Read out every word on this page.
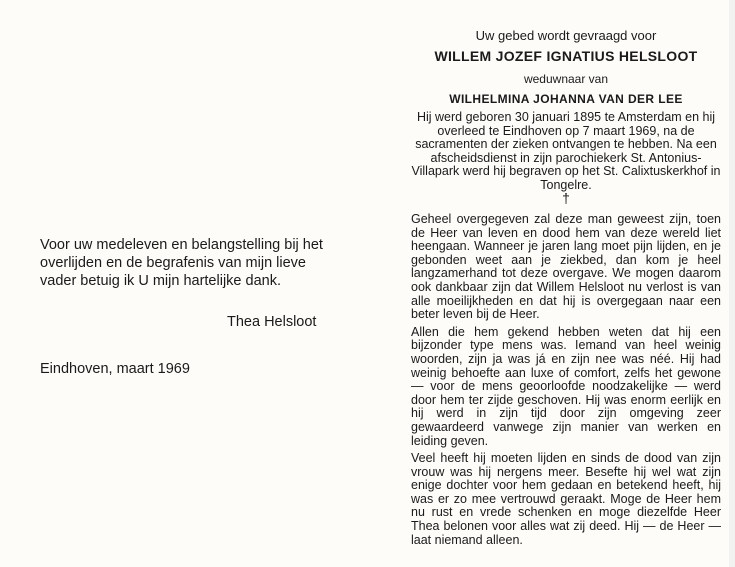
Voor uw medeleven en belangstelling bij het overlijden en de begrafenis van mijn lieve vader betuig ik U mijn hartelijke dank.

Thea Helsloot
Eindhoven, maart 1969
Uw gebed wordt gevraagd voor
WILLEM JOZEF IGNATIUS HELSLOOT
weduwnaar van
WILHELMINA JOHANNA VAN DER LEE
Hij werd geboren 30 januari 1895 te Amsterdam en hij overleed te Eindhoven op 7 maart 1969, na de sacramenten der zieken ontvangen te hebben. Na een afscheidsdienst in zijn parochiekerk St. Antonius-Villapark werd hij begraven op het St. Calixtuskerkhof in Tongelre.
†

Geheel overgegeven zal deze man geweest zijn, toen de Heer van leven en dood hem van deze wereld liet heengaan. Wanneer je jaren lang moet pijn lijden, en je gebonden weet aan je ziekbed, dan kom je heel langzamerhand tot deze overgave. We mogen daarom ook dankbaar zijn dat Willem Helsloot nu verlost is van alle moeilijkheden en dat hij is overgegaan naar een beter leven bij de Heer.

Allen die hem gekend hebben weten dat hij een bijzonder type mens was. Iemand van heel weinig woorden, zijn ja was já en zijn nee was néé. Hij had weinig behoefte aan luxe of comfort, zelfs het gewone — voor de mens geoorloofde noodzakelijke — werd door hem ter zijde geschoven. Hij was enorm eerlijk en hij werd in zijn tijd door zijn omgeving zeer gewaardeerd vanwege zijn manier van werken en leiding geven.

Veel heeft hij moeten lijden en sinds de dood van zijn vrouw was hij nergens meer. Besefte hij wel wat zijn enige dochter voor hem gedaan en betekend heeft, hij was er zo mee vertrouwd geraakt. Moge de Heer hem nu rust en vrede schenken en moge diezelfde Heer Thea belonen voor alles wat zij deed. Hij — de Heer — laat niemand alleen.
